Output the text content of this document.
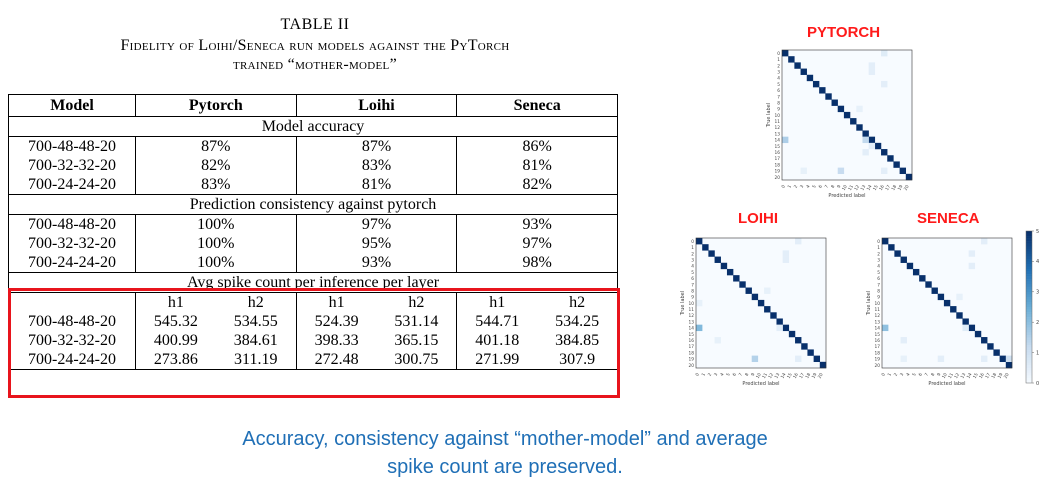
TABLE II
Fidelity of Loihi/Seneca run models against the PyTorch
trained “mother-model”
Model	Pytorch		Loihi		Seneca	
Model accuracy						
700-48-48-20	87%		87%		86%	
700-32-32-20	82%		83%		81%	
700-24-24-20	83%		81%		82%	
Prediction consistency against pytorch						
700-48-48-20	100%		97%		93%	
700-32-32-20	100%		95%		97%	
700-24-24-20	100%		93%		98%	
Avg spike count per inference per layer						
	h1	h2	h1	h2	h1	h2
700-48-48-20	545.32	534.55	524.39	531.14	544.71	534.25
700-32-32-20	400.99	384.61	398.33	365.15	401.18	384.85
700-24-24-20	273.86	311.19	272.48	300.75	271.99	307.9
PYTORCH
LOIHI	SENECA
0
0
1
1
2
2
3
3
4
4
5
5
6
6
7
7
8
8
9
9
10
10
11
11
12
12
13
13
14
14
15
15
16
16
17
17
18
18
19
19
20
20
Predicted label
True label
0
0
1
1
2
2
3
3
4
4
5
5
6
6
7
7
8
8
9
9
10
10
11
11
12
12
13
13
14
14
15
15
16
16
17
17
18
18
19
19
20
20
Predicted label
True label
0
0
1
1
2
2
3
3
4
4
5
5
6
6
7
7
8
8
9
9
10
10
11
11
12
12
13
13
14
14
15
15
16
16
17
17
18
18
19
19
20
20
Predicted label
True label
0
1
2
3
4
5
Accuracy, consistency against “mother-model” and average
spike count are preserved.
